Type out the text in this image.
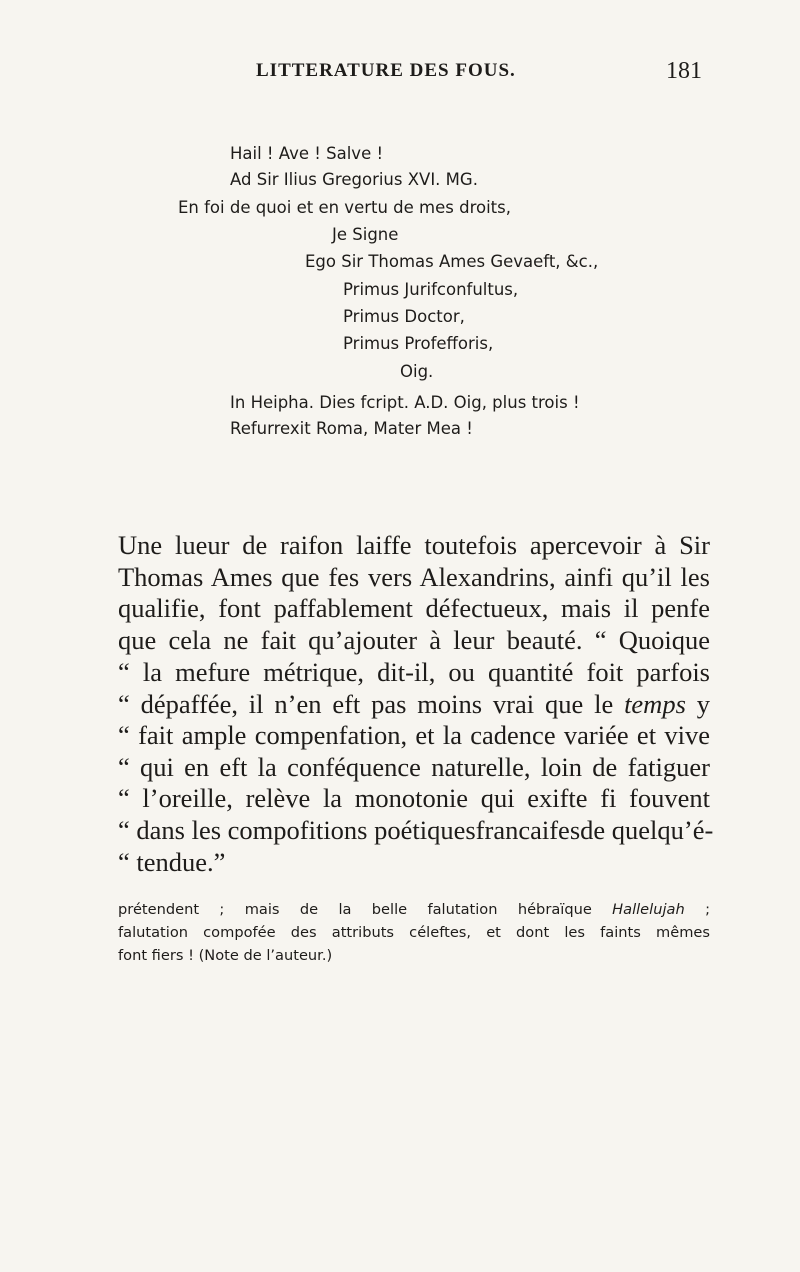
LITTERATURE DES FOUS.	181
Hail ! Ave ! Salve !
Ad Sir Ilius Gregorius XVI. MG.
En foi de quoi et en vertu de mes droits,
Je Signe
Ego Sir Thomas Ames Gevaeft, &c.,
Primus Jurifconfultus,
Primus Doctor,
Primus Profefforis,
Oig.
In Heipha. Dies fcript. A.D. Oig, plus trois !
Refurrexit Roma, Mater Mea !
Une lueur de raifon laiffe toutefois apercevoir à Sir
Thomas Ames que fes vers Alexandrins, ainfi qu’il les
qualifie, font paffablement défectueux, mais il penfe
que cela ne fait qu’ajouter à leur beauté. “ Quoique
“ la mefure métrique, dit-il, ou quantité foit parfois
“ dépaffée, il n’en eft pas moins vrai que le temps y
“ fait ample compenfation, et la cadence variée et vive
“ qui en eft la conféquence naturelle, loin de fatiguer
“ l’oreille, relève la monotonie qui exifte fi fouvent
“ dans les compofitions poétiquesfrancaifesde quelqu’é-
“ tendue.”
prétendent ; mais de la belle falutation hébraïque Hallelujah ;
falutation compofée des attributs céleftes, et dont les faints mêmes
font fiers ! (Note de l’auteur.)
